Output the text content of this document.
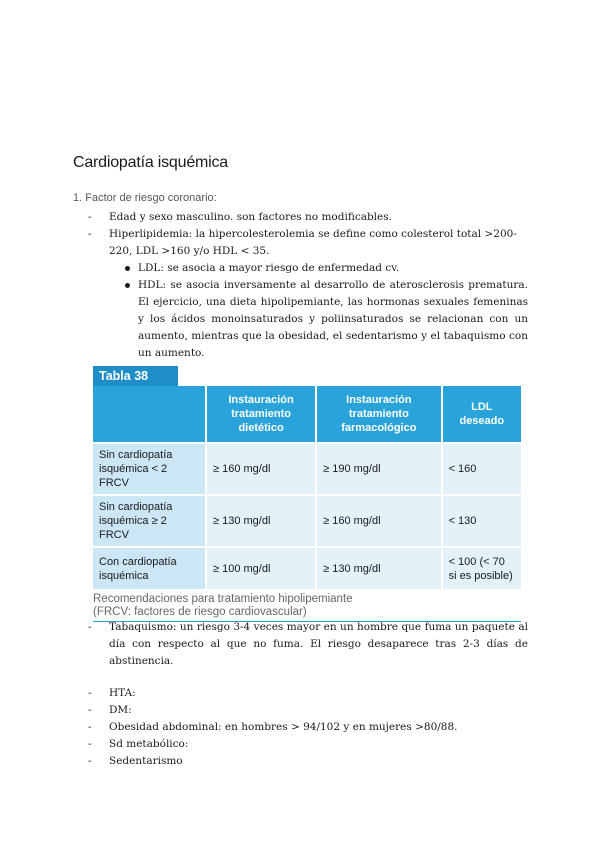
Cardiopatía isquémica
1. Factor de riesgo coronario:
- Edad y sexo masculino. son factores no modificables.
- Hiperlipidemia: la hipercolesterolemia se define como colesterol total >200-220, LDL >160 y/o HDL < 35.
LDL: se asocia a mayor riesgo de enfermedad cv.
HDL: se asocia inversamente al desarrollo de aterosclerosis prematura. El ejercicio, una dieta hipolipemiante, las hormonas sexuales femeninas y los ácidos monoinsaturados y poliinsaturados se relacionan con un aumento, mientras que la obesidad, el sedentarismo y el tabaquismo con un aumento.
Tabla 38
	Instauración tratamiento dietético	Instauración tratamiento farmacológico	LDL deseado
Sin cardiopatía isquémica < 2 FRCV	≥ 160 mg/dl	≥ 190 mg/dl	< 160
Sin cardiopatía isquémica ≥ 2 FRCV	≥ 130 mg/dl	≥ 160 mg/dl	< 130
Con cardiopatía isquémica	≥ 100 mg/dl	≥ 130 mg/dl	< 100 (< 70 si es posible)
Recomendaciones para tratamiento hipolipemiante
(FRCV: factores de riesgo cardiovascular)
- Tabaquismo: un riesgo 3-4 veces mayor en un hombre que fuma un paquete al día con respecto al que no fuma. El riesgo desaparece tras 2-3 días de abstinencia.
- HTA:
- DM:
- Obesidad abdominal: en hombres > 94/102 y en mujeres >80/88.
- Sd metabólico:
- Sedentarismo
